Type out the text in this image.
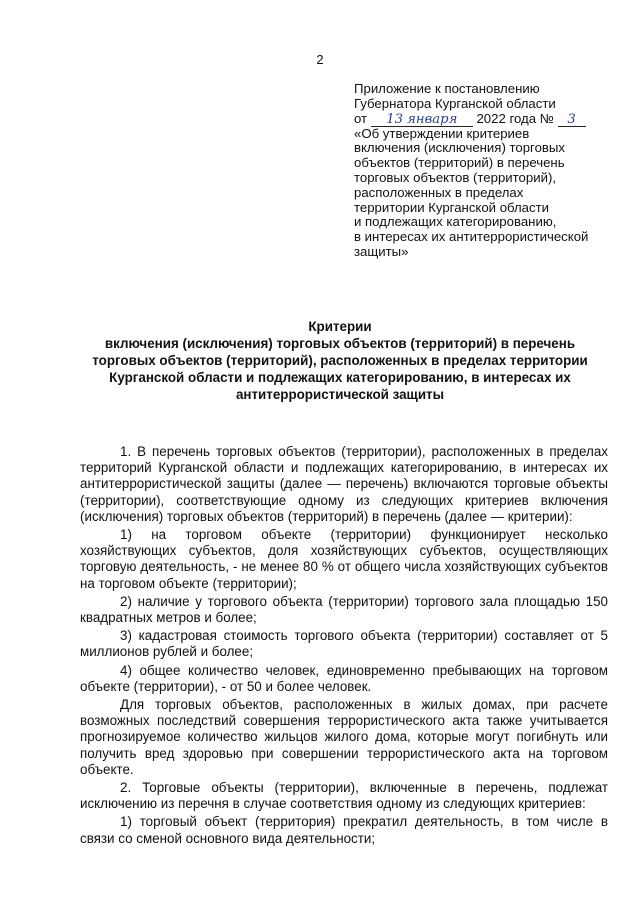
2
Приложение к постановлению
Губернатора Курганской области
от 13 января 2022 года № 3
«Об утверждении критериев
включения (исключения) торговых
объектов (территорий) в перечень
торговых объектов (территорий),
расположенных в пределах
территории Курганской области
и подлежащих категорированию,
в интересах их антитеррористической
защиты»
Критерии
включения (исключения) торговых объектов (территорий) в перечень
торговых объектов (территорий), расположенных в пределах территории
Курганской области и подлежащих категорированию, в интересах их
антитеррористической защиты

1. В перечень торговых объектов (территории), расположенных в пределах территорий Курганской области и подлежащих категорированию, в интересах их антитеррористической защиты (далее — перечень) включаются торговые объекты (территории), соответствующие одному из следующих критериев включения (исключения) торговых объектов (территорий) в перечень (далее — критерии):

1) на торговом объекте (территории) функционирует несколько хозяйствующих субъектов, доля хозяйствующих субъектов, осуществляющих торговую деятельность, - не менее 80 % от общего числа хозяйствующих субъектов на торговом объекте (территории);

2) наличие у торгового объекта (территории) торгового зала площадью 150 квадратных метров и более;

3) кадастровая стоимость торгового объекта (территории) составляет от 5 миллионов рублей и более;

4) общее количество человек, единовременно пребывающих на торговом объекте (территории), - от 50 и более человек.

Для торговых объектов, расположенных в жилых домах, при расчете возможных последствий совершения террористического акта также учитывается прогнозируемое количество жильцов жилого дома, которые могут погибнуть или получить вред здоровью при совершении террористического акта на торговом объекте.

2. Торговые объекты (территории), включенные в перечень, подлежат исключению из перечня в случае соответствия одному из следующих критериев:

1) торговый объект (территория) прекратил деятельность, в том числе в связи со сменой основного вида деятельности;
